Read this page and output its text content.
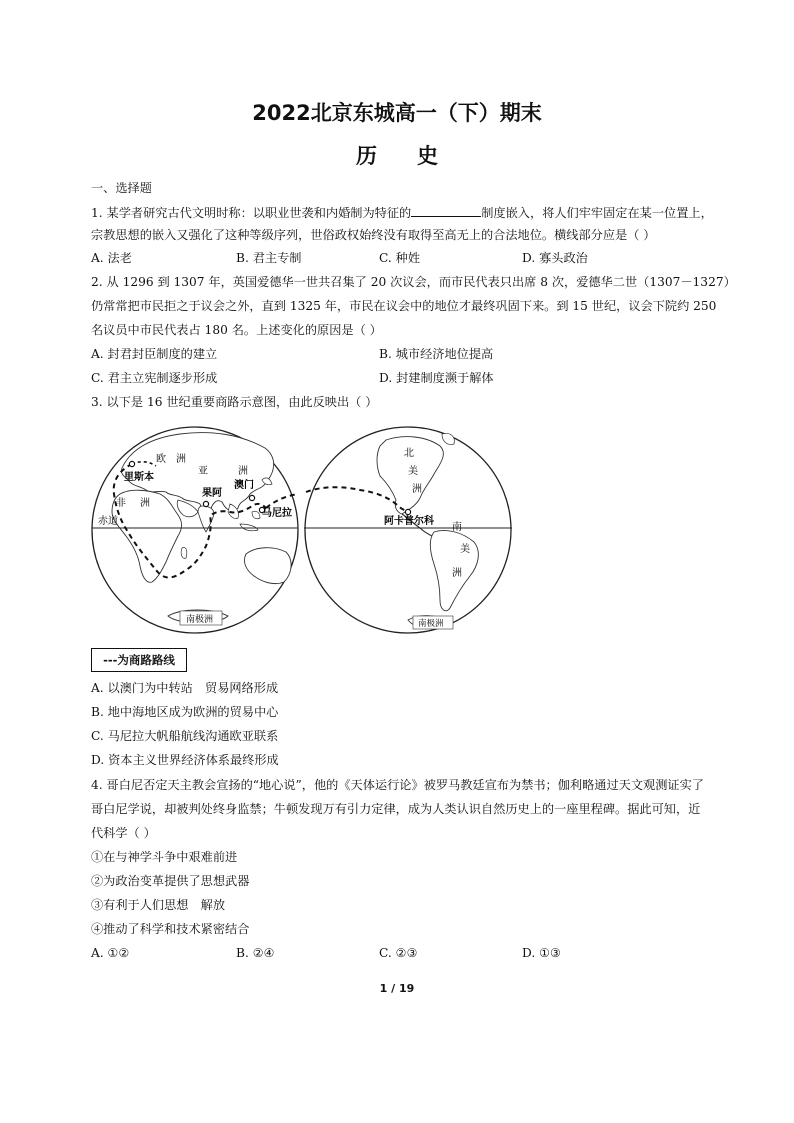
2022北京东城高一（下）期末
历史
一、选择题
1. 某学者研究古代文明时称：以职业世袭和内婚制为特征的	制度嵌入，将人们牢牢固定在某一位置上，
宗教思想的嵌入又强化了这种等级序列，世俗政权始终没有取得至高无上的合法地位。横线部分应是（ ）
A. 法老	B. 君主专制	C. 种姓	D. 寡头政治
2. 从 1296 到 1307 年，英国爱德华一世共召集了 20 次议会，而市民代表只出席 8 次，爱德华二世（1307－1327）
仍常常把市民拒之于议会之外，直到 1325 年，市民在议会中的地位才最终巩固下来。到 15 世纪，议会下院约 250
名议员中市民代表占 180 名。上述变化的原因是（ ）
A. 封君封臣制度的建立	B. 城市经济地位提高
C. 君主立宪制逐步形成	D. 封建制度濒于解体
3. 以下是 16 世纪重要商路示意图，由此反映出（ ）
欧 洲
亚	洲
非 洲
里斯本
果阿
澳门
马尼拉
赤道
南极洲
北
美
洲
阿卡普尔科
南
美
洲
南极洲
---为商路路线
A. 以澳门为中转站　贸易网络形成
B. 地中海地区成为欧洲的贸易中心
C. 马尼拉大帆船航线沟通欧亚联系
D. 资本主义世界经济体系最终形成
4. 哥白尼否定天主教会宣扬的“地心说”，他的《天体运行论》被罗马教廷宣布为禁书；伽利略通过天文观测证实了
哥白尼学说，却被判处终身监禁；牛顿发现万有引力定律，成为人类认识自然历史上的一座里程碑。据此可知，近
代科学（ ）
①在与神学斗争中艰难前进
②为政治变革提供了思想武器
③有利于人们思想　解放
④推动了科学和技术紧密结合
A. ①②	B. ②④	C. ②③	D. ①③
1 / 19
